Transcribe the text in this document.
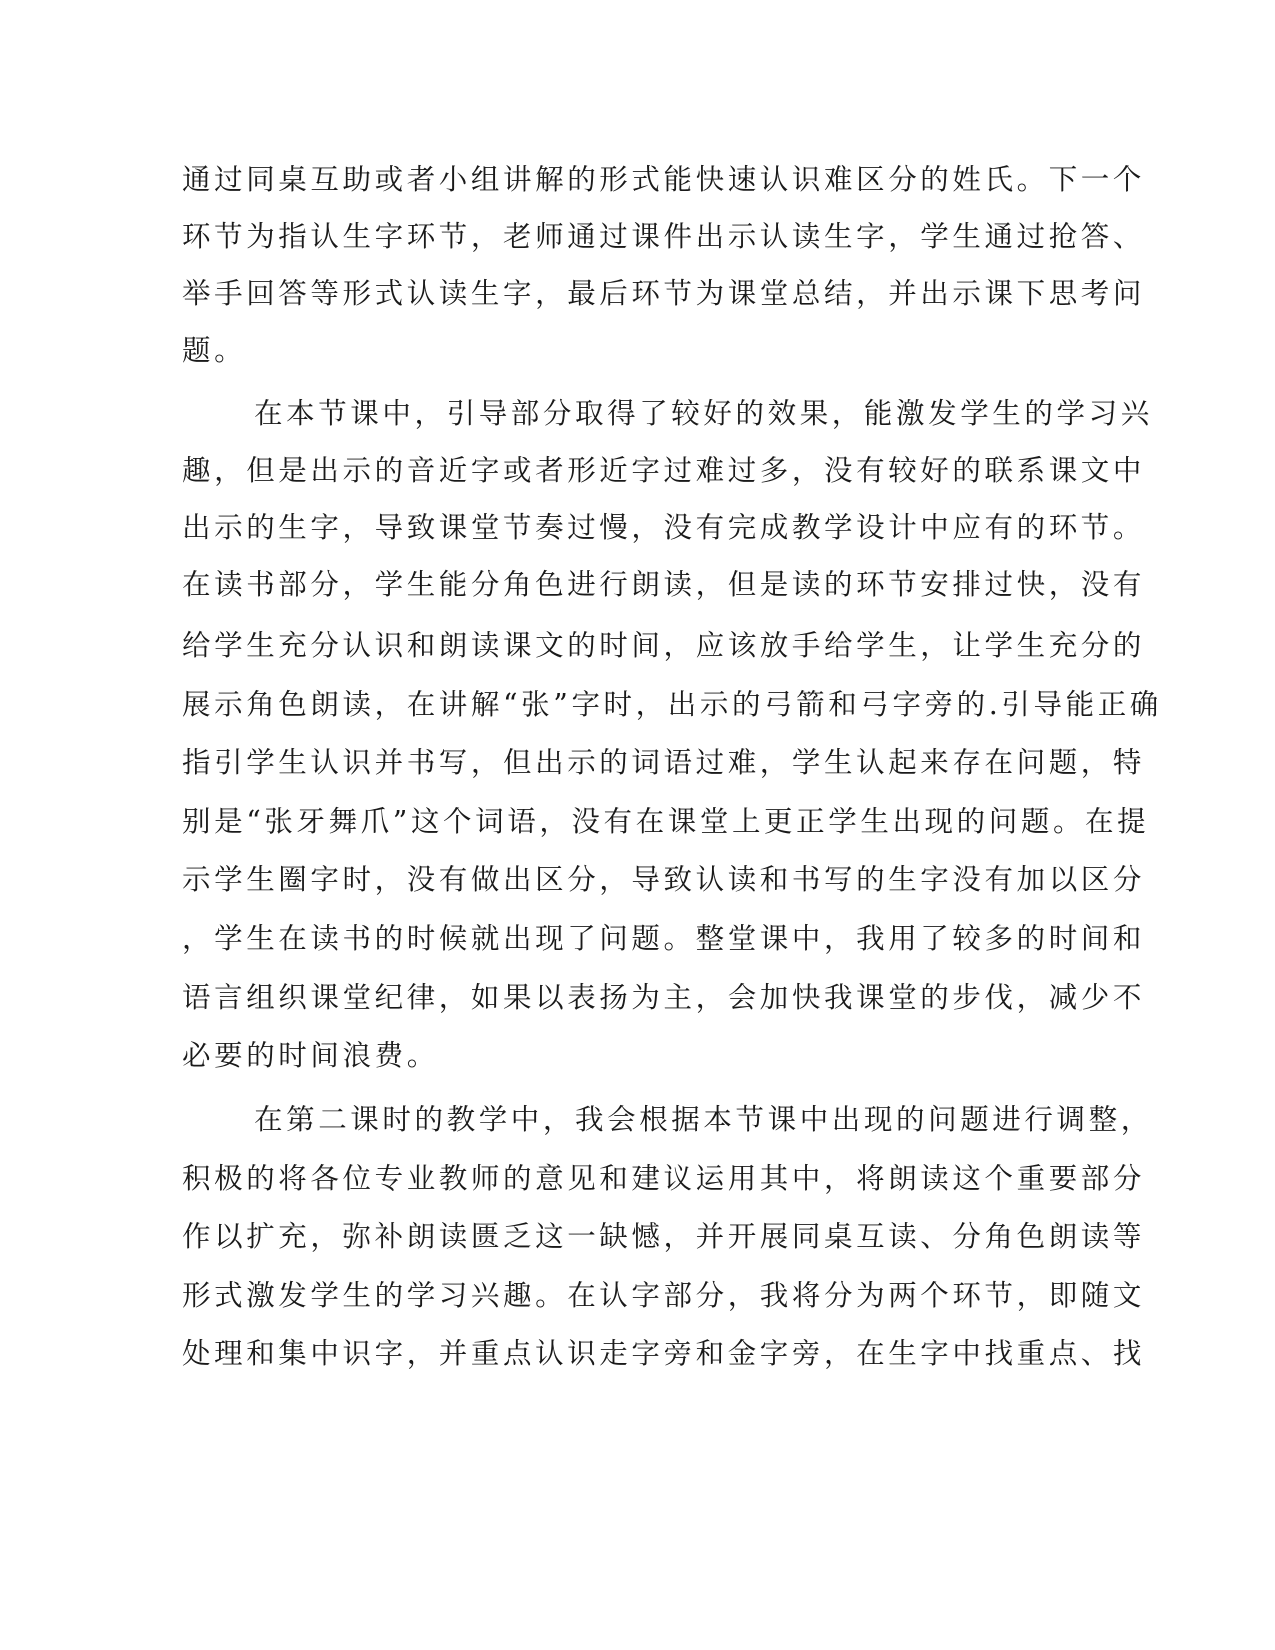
通过同桌互助或者小组讲解的形式能快速认识难区分的姓氏。下一个
环节为指认生字环节，老师通过课件出示认读生字，学生通过抢答、
举手回答等形式认读生字，最后环节为课堂总结，并出示课下思考问
题。
在本节课中，引导部分取得了较好的效果，能激发学生的学习兴
趣，但是出示的音近字或者形近字过难过多，没有较好的联系课文中
出示的生字，导致课堂节奏过慢，没有完成教学设计中应有的环节。
在读书部分，学生能分角色进行朗读，但是读的环节安排过快，没有
给学生充分认识和朗读课文的时间，应该放手给学生，让学生充分的
展示角色朗读，在讲解“张”字时，出示的弓箭和弓字旁的.引导能正确
指引学生认识并书写，但出示的词语过难，学生认起来存在问题，特
别是“张牙舞爪”这个词语，没有在课堂上更正学生出现的问题。在提
示学生圈字时，没有做出区分，导致认读和书写的生字没有加以区分
，学生在读书的时候就出现了问题。整堂课中，我用了较多的时间和
语言组织课堂纪律，如果以表扬为主，会加快我课堂的步伐，减少不
必要的时间浪费。
在第二课时的教学中，我会根据本节课中出现的问题进行调整，
积极的将各位专业教师的意见和建议运用其中，将朗读这个重要部分
作以扩充，弥补朗读匮乏这一缺憾，并开展同桌互读、分角色朗读等
形式激发学生的学习兴趣。在认字部分，我将分为两个环节，即随文
处理和集中识字，并重点认识走字旁和金字旁，在生字中找重点、找
